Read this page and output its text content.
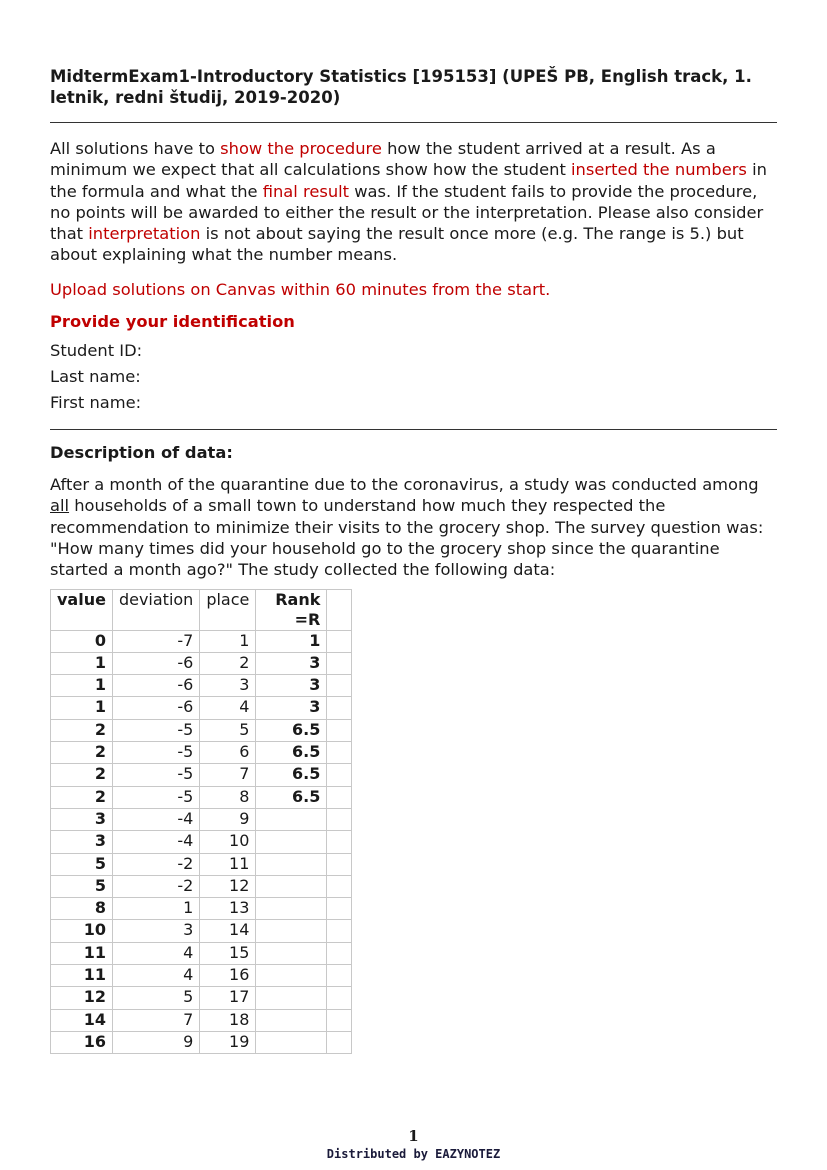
MidtermExam1-Introductory Statistics [195153] (UPEŠ PB, English track, 1. letnik, redni študij, 2019-2020)

All solutions have to show the procedure how the student arrived at a result. As a minimum we expect that all calculations show how the student inserted the numbers in the formula and what the final result was. If the student fails to provide the procedure, no points will be awarded to either the result or the interpretation. Please also consider that interpretation is not about saying the result once more (e.g. The range is 5.) but about explaining what the number means.

Upload solutions on Canvas within 60 minutes from the start.

Provide your identification

Student ID:
Last name:
First name:

Description of data:

After a month of the quarantine due to the coronavirus, a study was conducted among all households of a small town to understand how much they respected the recommendation to minimize their visits to the grocery shop. The survey question was: "How many times did your household go to the grocery shop since the quarantine started a month ago?" The study collected the following data:

value	deviation	place	Rank =R	
0	-7	1	1	
1	-6	2	3	
1	-6	3	3	
1	-6	4	3	
2	-5	5	6.5	
2	-5	6	6.5	
2	-5	7	6.5	
2	-5	8	6.5	
3	-4	9		
3	-4	10		
5	-2	11		
5	-2	12		
8	1	13		
10	3	14		
11	4	15		
11	4	16		
12	5	17		
14	7	18		
16	9	19		
1
Distributed by EAZYNOTEZ
